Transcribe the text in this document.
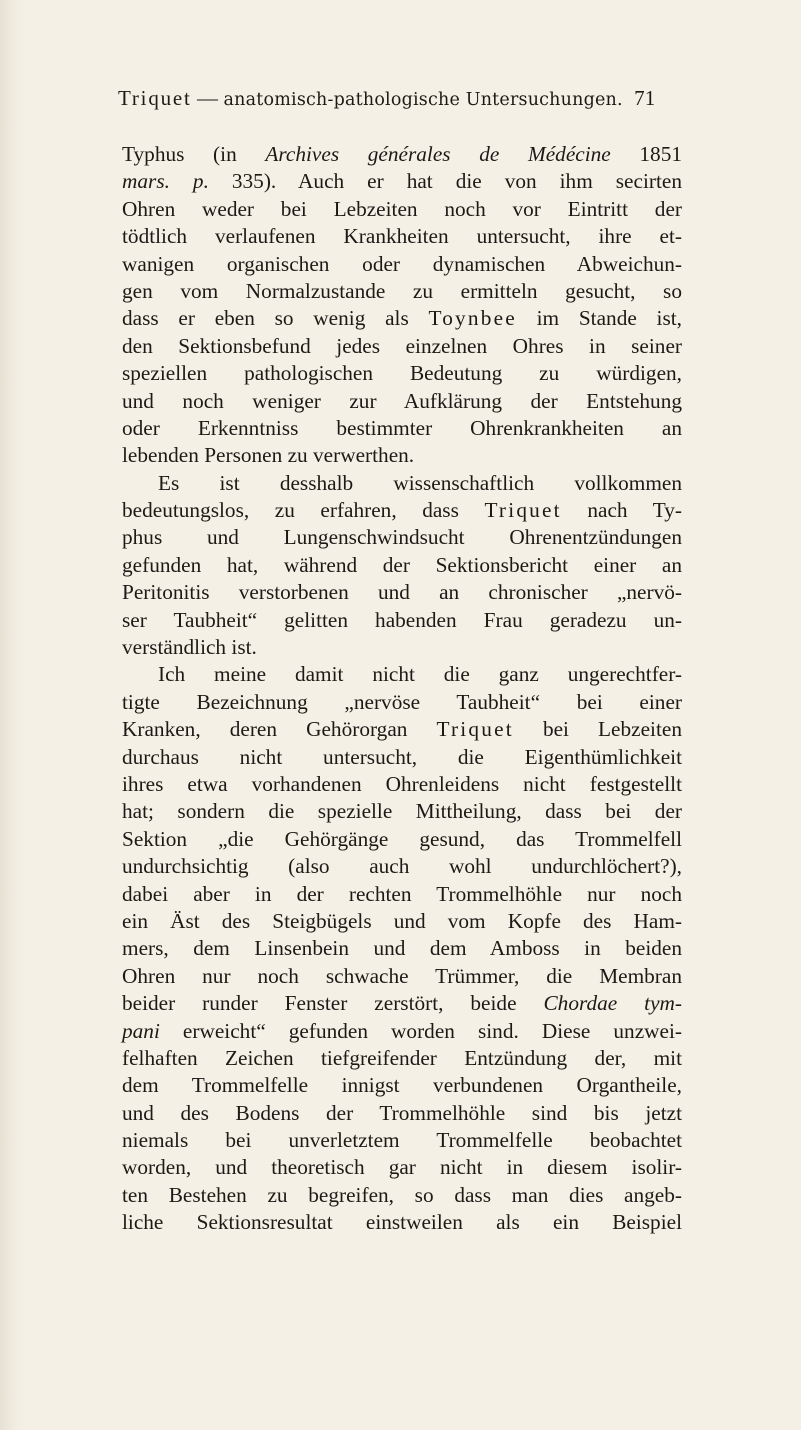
Triquet — anatomisch-pathologische Untersuchungen. 71
Typhus (in Archives générales de Médécine 1851
mars. p. 335). Auch er hat die von ihm secirten
Ohren weder bei Lebzeiten noch vor Eintritt der
tödtlich verlaufenen Krankheiten untersucht, ihre et-
wanigen organischen oder dynamischen Abweichun-
gen vom Normalzustande zu ermitteln gesucht, so
dass er eben so wenig als Toynbee im Stande ist,
den Sektionsbefund jedes einzelnen Ohres in seiner
speziellen pathologischen Bedeutung zu würdigen,
und noch weniger zur Aufklärung der Entstehung
oder Erkenntniss bestimmter Ohrenkrankheiten an
lebenden Personen zu verwerthen.
Es ist desshalb wissenschaftlich vollkommen
bedeutungslos, zu erfahren, dass Triquet nach Ty-
phus und Lungenschwindsucht Ohrenentzündungen
gefunden hat, während der Sektionsbericht einer an
Peritonitis verstorbenen und an chronischer „nervö-
ser Taubheit“ gelitten habenden Frau geradezu un-
verständlich ist.
Ich meine damit nicht die ganz ungerechtfer-
tigte Bezeichnung „nervöse Taubheit“ bei einer
Kranken, deren Gehörorgan Triquet bei Lebzeiten
durchaus nicht untersucht, die Eigenthümlichkeit
ihres etwa vorhandenen Ohrenleidens nicht festgestellt
hat; sondern die spezielle Mittheilung, dass bei der
Sektion „die Gehörgänge gesund, das Trommelfell
undurchsichtig (also auch wohl undurchlöchert?),
dabei aber in der rechten Trommelhöhle nur noch
ein Äst des Steigbügels und vom Kopfe des Ham-
mers, dem Linsenbein und dem Amboss in beiden
Ohren nur noch schwache Trümmer, die Membran
beider runder Fenster zerstört, beide Chordae tym-
pani erweicht“ gefunden worden sind. Diese unzwei-
felhaften Zeichen tiefgreifender Entzündung der, mit
dem Trommelfelle innigst verbundenen Organtheile,
und des Bodens der Trommelhöhle sind bis jetzt
niemals bei unverletztem Trommelfelle beobachtet
worden, und theoretisch gar nicht in diesem isolir-
ten Bestehen zu begreifen, so dass man dies angeb-
liche Sektionsresultat einstweilen als ein Beispiel
